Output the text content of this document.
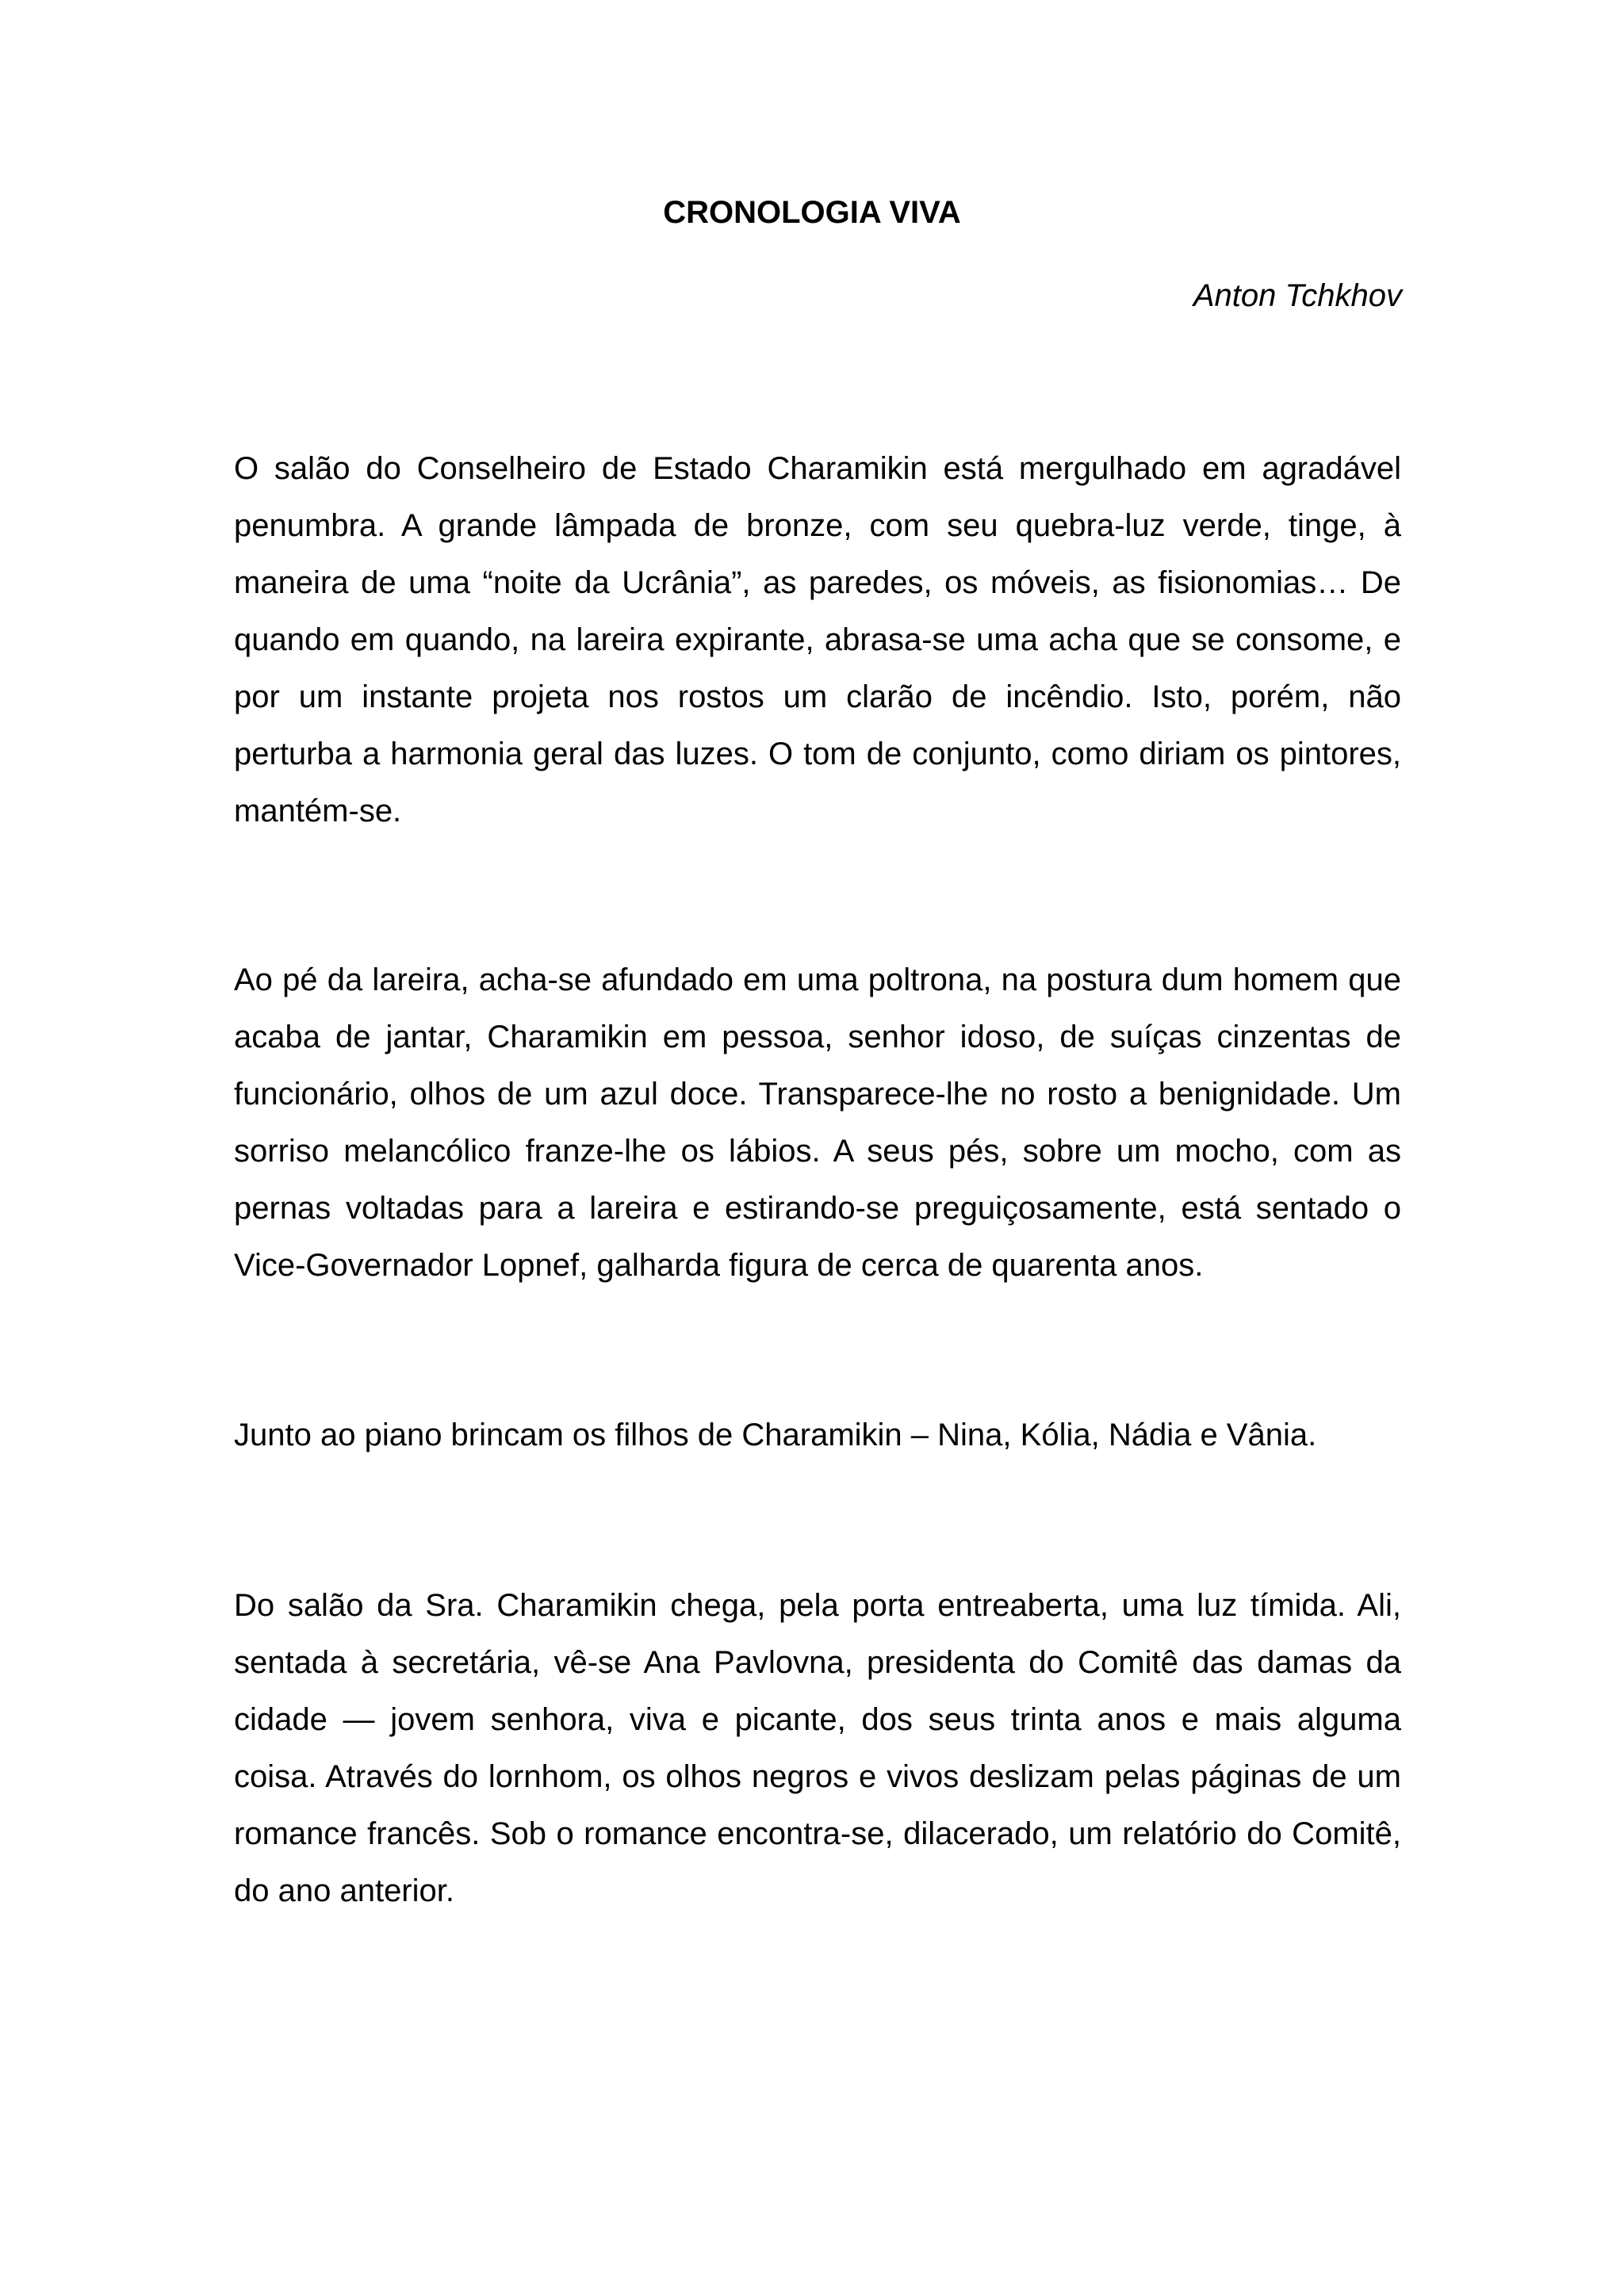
CRONOLOGIA VIVA

Anton Tchkhov

O salão do Conselheiro de Estado Charamikin está mergulhado em agradável penumbra. A grande lâmpada de bronze, com seu quebra-luz verde, tinge, à maneira de uma “noite da Ucrânia”, as paredes, os móveis, as fisionomias… De quando em quando, na lareira expirante, abrasa-se uma acha que se consome, e por um instante projeta nos rostos um clarão de incêndio. Isto, porém, não perturba a harmonia geral das luzes. O tom de conjunto, como diriam os pintores, mantém-se.

Ao pé da lareira, acha-se afundado em uma poltrona, na postura dum homem que acaba de jantar, Charamikin em pessoa, senhor idoso, de suíças cinzentas de funcionário, olhos de um azul doce. Transparece-lhe no rosto a benignidade. Um sorriso melancólico franze-lhe os lábios. A seus pés, sobre um mocho, com as pernas voltadas para a lareira e estirando-se preguiçosamente, está sentado o Vice-Governador Lopnef, galharda figura de cerca de quarenta anos.

Junto ao piano brincam os filhos de Charamikin – Nina, Kólia, Nádia e Vânia.

Do salão da Sra. Charamikin chega, pela porta entreaberta, uma luz tímida. Ali, sentada à secretária, vê-se Ana Pavlovna, presidenta do Comitê das damas da cidade — jovem senhora, viva e picante, dos seus trinta anos e mais alguma coisa. Através do lornhom, os olhos negros e vivos deslizam pelas páginas de um romance francês. Sob o romance encontra-se, dilacerado, um relatório do Comitê, do ano anterior.
